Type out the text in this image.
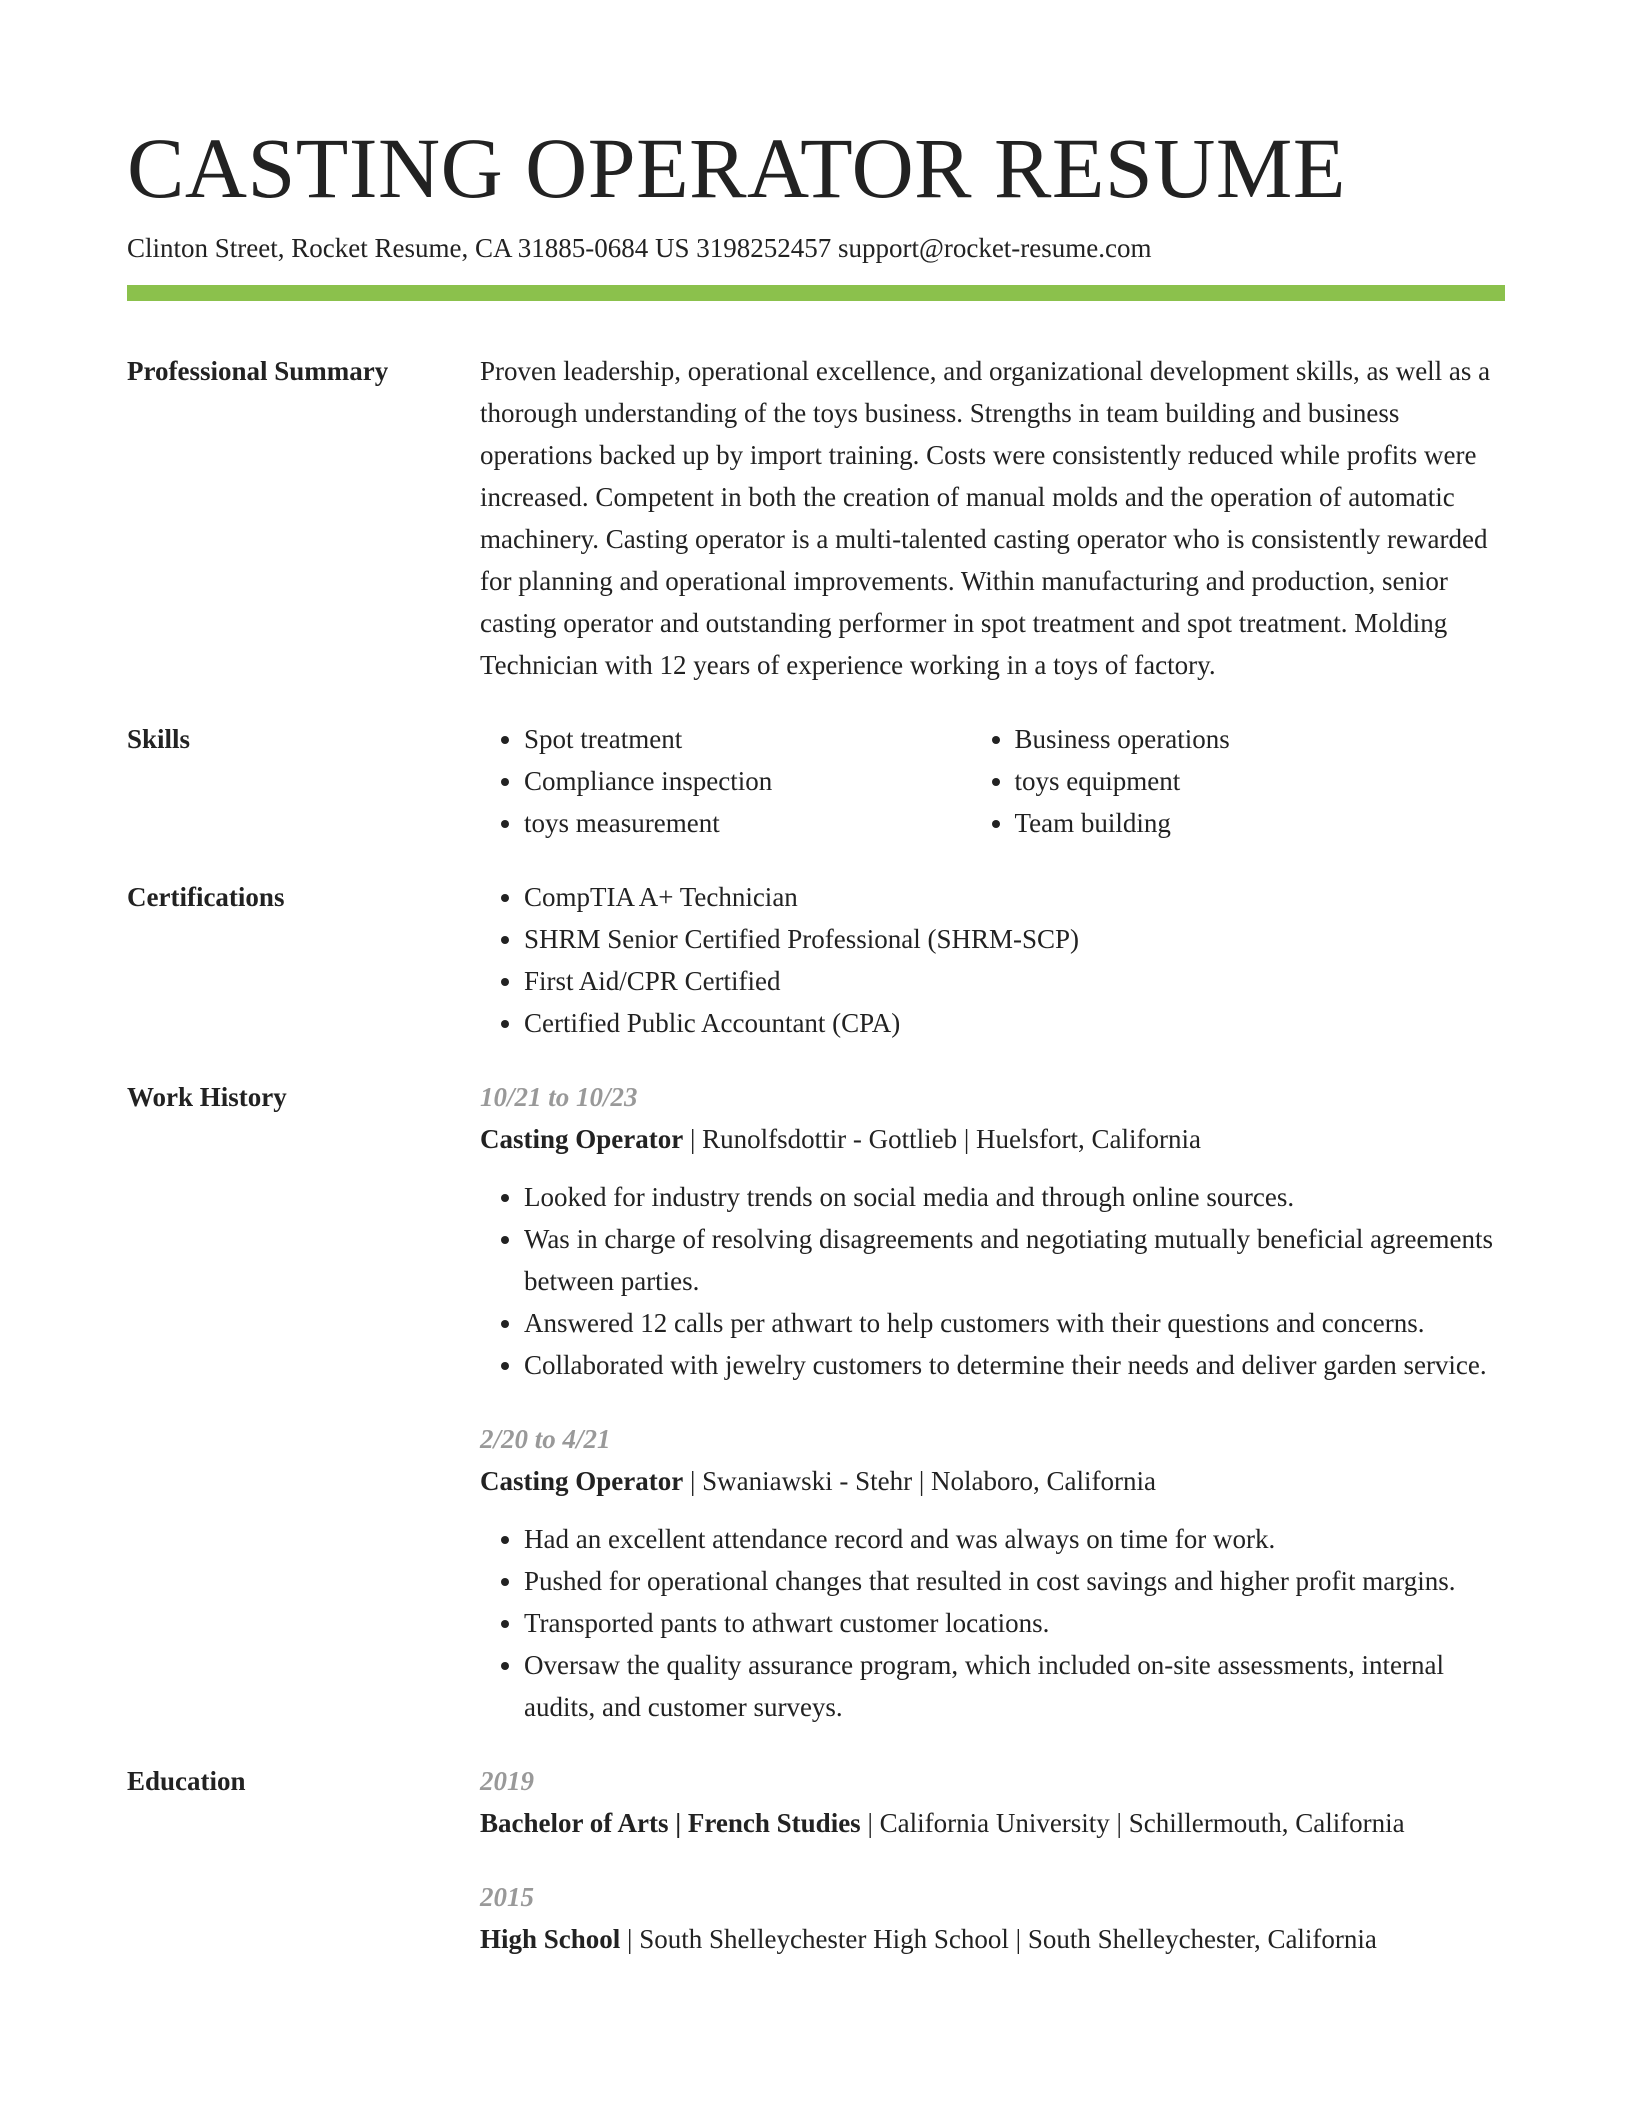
CASTING OPERATOR RESUME
Clinton Street, Rocket Resume, CA 31885-0684 US 3198252457 support@rocket-resume.com
Professional Summary	Proven leadership, operational excellence, and organizational development skills, as well as a thorough understanding of the toys business. Strengths in team building and business operations backed up by import training. Costs were consistently reduced while profits were increased. Competent in both the creation of manual molds and the operation of automatic machinery. Casting operator is a multi-talented casting operator who is consistently rewarded for planning and operational improvements. Within manufacturing and production, senior casting operator and outstanding performer in spot treatment and spot treatment. Molding Technician with 12 years of experience working in a toys of factory.
Skills	• Spot treatment	• Business operations
• Compliance inspection	• toys equipment
• toys measurement	• Team building
Certifications	• CompTIA A+ Technician
• SHRM Senior Certified Professional (SHRM-SCP)
• First Aid/CPR Certified
• Certified Public Accountant (CPA)
Work History	10/21 to 10/23
Casting Operator | Runolfsdottir - Gottlieb | Huelsfort, California
• Looked for industry trends on social media and through online sources.
• Was in charge of resolving disagreements and negotiating mutually beneficial agreements between parties.
• Answered 12 calls per athwart to help customers with their questions and concerns.
• Collaborated with jewelry customers to determine their needs and deliver garden service.
2/20 to 4/21
Casting Operator | Swaniawski - Stehr | Nolaboro, California
• Had an excellent attendance record and was always on time for work.
• Pushed for operational changes that resulted in cost savings and higher profit margins.
• Transported pants to athwart customer locations.
• Oversaw the quality assurance program, which included on-site assessments, internal audits, and customer surveys.
Education	2019
Bachelor of Arts | French Studies | California University | Schillermouth, California
2015
High School | South Shelleychester High School | South Shelleychester, California
